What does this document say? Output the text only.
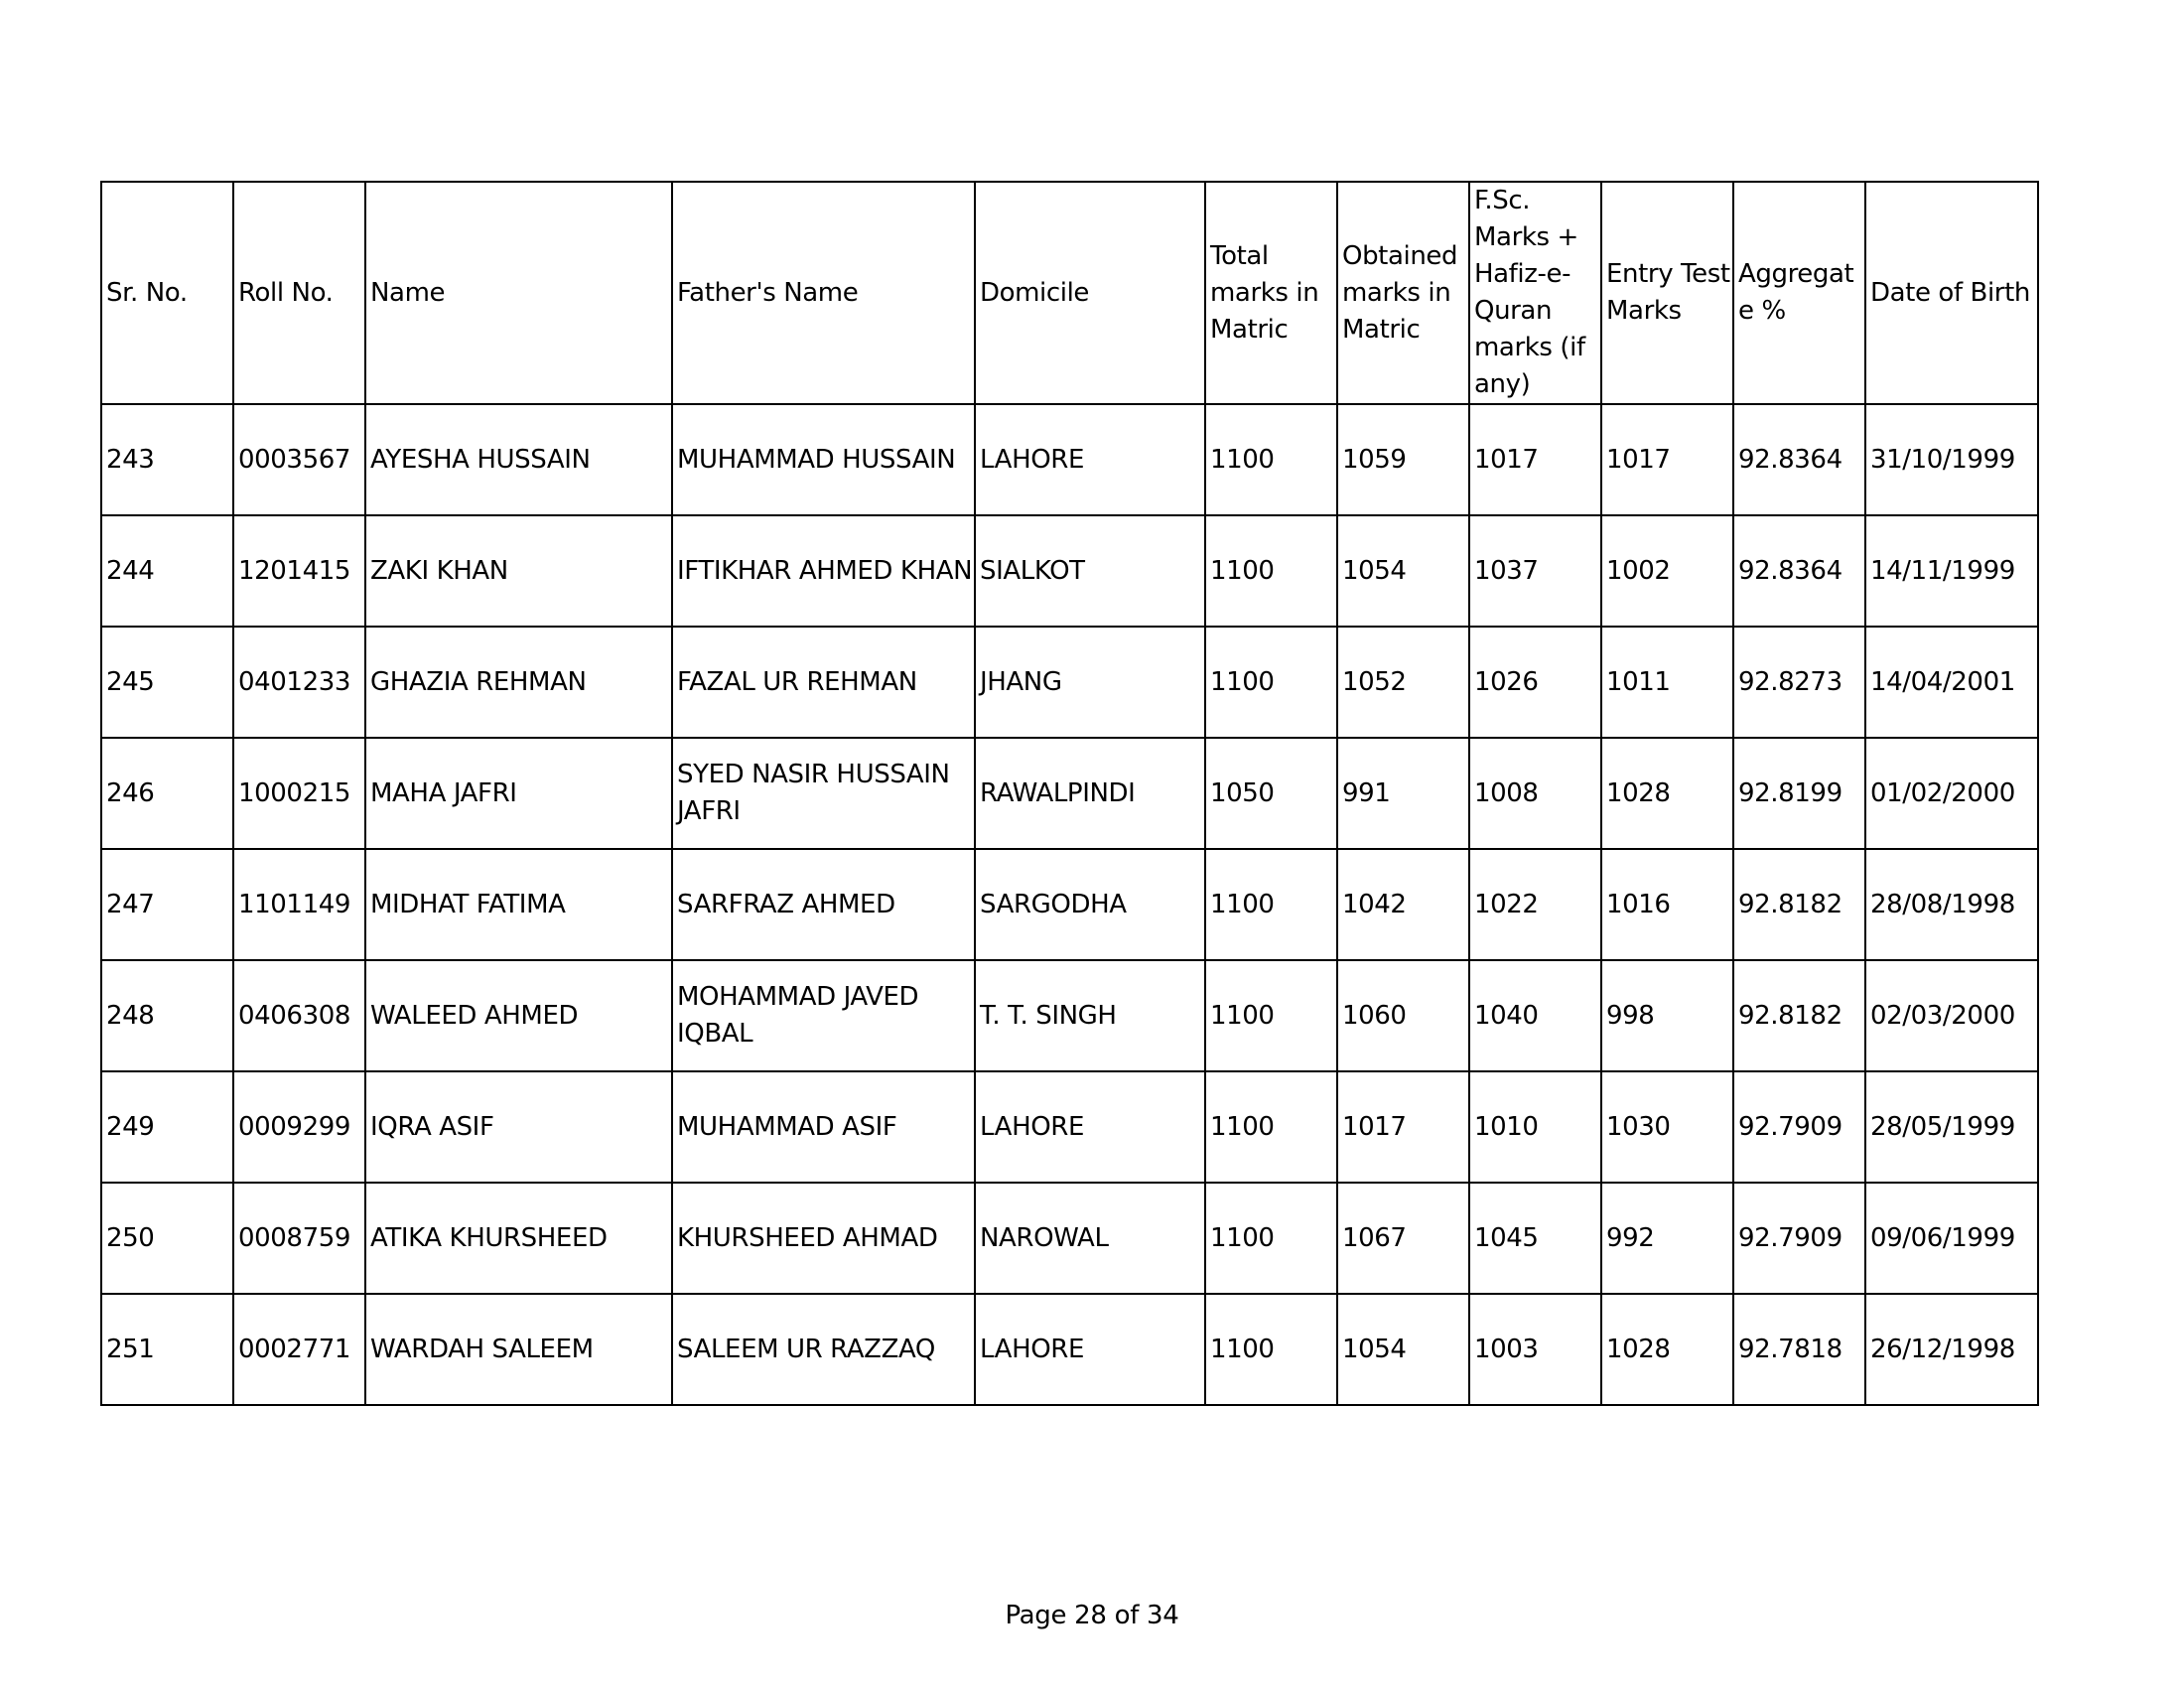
Sr. No.	Roll No.	Name	Father's Name	Domicile	Total marks in Matric	Obtained marks in Matric	F.Sc. Marks + Hafiz-e-Quran marks (if any)	Entry Test Marks	Aggregate %	Date of Birth
243	0003567	AYESHA HUSSAIN	MUHAMMAD HUSSAIN	LAHORE	1100	1059	1017	1017	92.8364	31/10/1999
244	1201415	ZAKI KHAN	IFTIKHAR AHMED KHAN	SIALKOT	1100	1054	1037	1002	92.8364	14/11/1999
245	0401233	GHAZIA REHMAN	FAZAL UR REHMAN	JHANG	1100	1052	1026	1011	92.8273	14/04/2001
246	1000215	MAHA JAFRI	SYED NASIR HUSSAIN JAFRI	RAWALPINDI	1050	991	1008	1028	92.8199	01/02/2000
247	1101149	MIDHAT FATIMA	SARFRAZ AHMED	SARGODHA	1100	1042	1022	1016	92.8182	28/08/1998
248	0406308	WALEED AHMED	MOHAMMAD JAVED IQBAL	T. T. SINGH	1100	1060	1040	998	92.8182	02/03/2000
249	0009299	IQRA ASIF	MUHAMMAD ASIF	LAHORE	1100	1017	1010	1030	92.7909	28/05/1999
250	0008759	ATIKA KHURSHEED	KHURSHEED AHMAD	NAROWAL	1100	1067	1045	992	92.7909	09/06/1999
251	0002771	WARDAH SALEEM	SALEEM UR RAZZAQ	LAHORE	1100	1054	1003	1028	92.7818	26/12/1998
Page 28 of 34
